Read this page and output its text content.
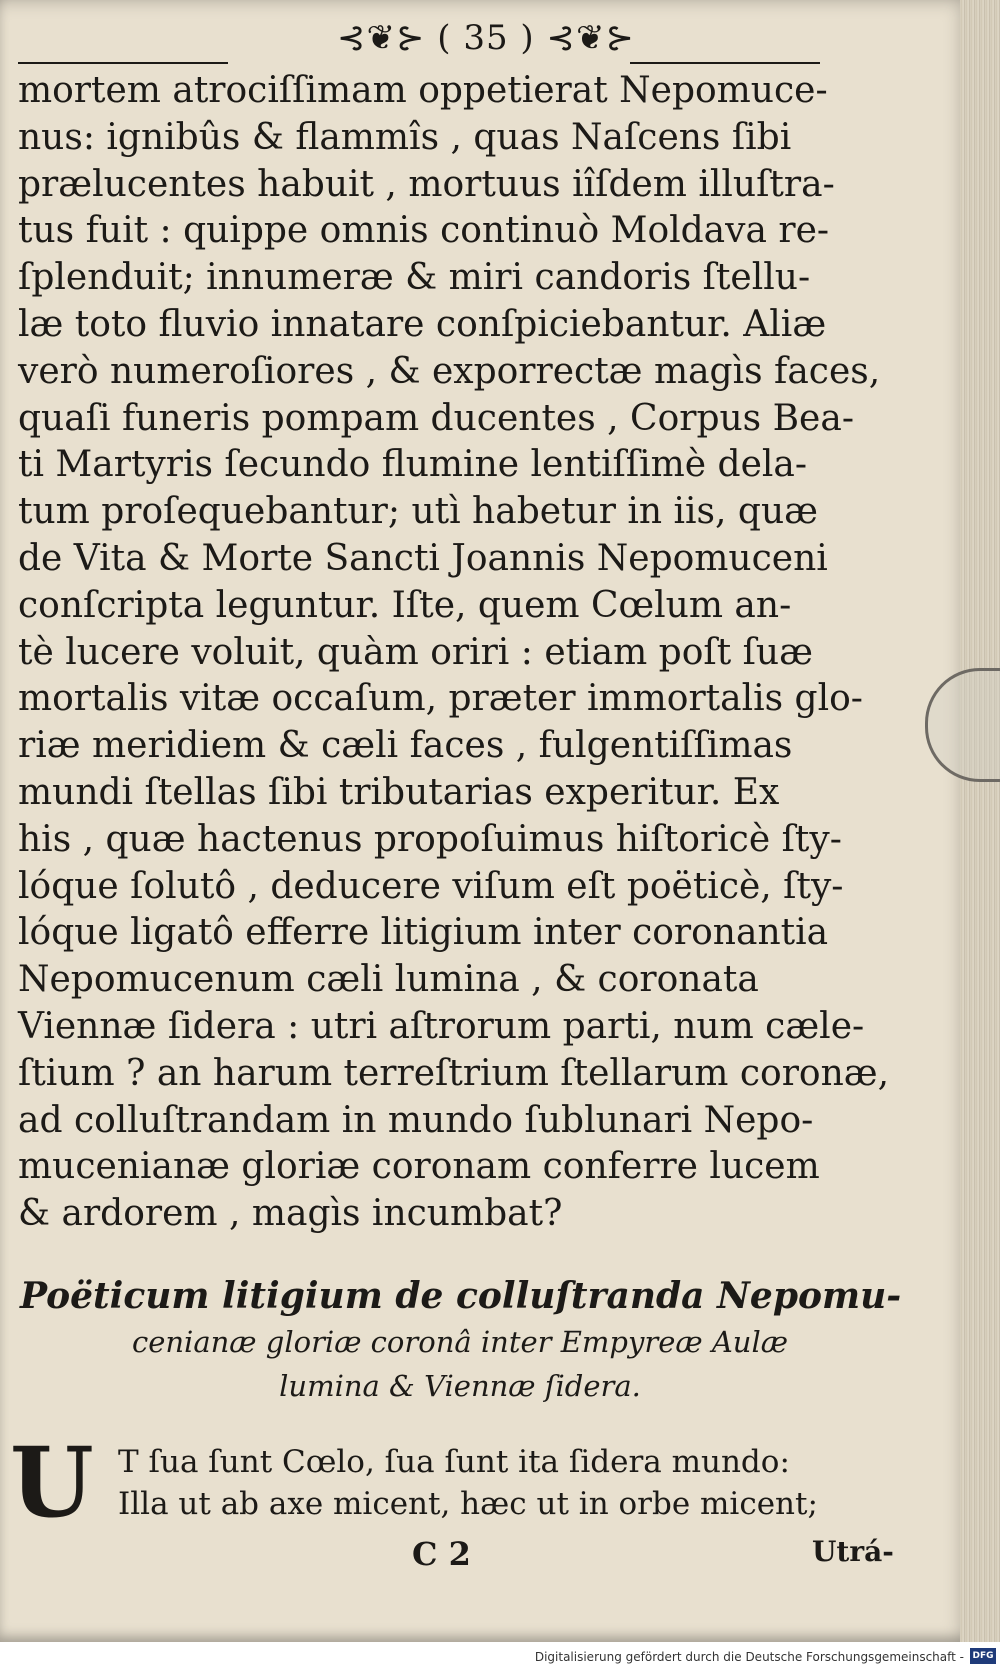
⊰❦⊱ ( 35 ) ⊰❦⊱
mortem atrociſſimam oppetierat Nepomuce-
nus: ignibûs & flammîs , quas Naſcens ſibi
prælucentes habuit , mortuus iîſdem illuſtra-
tus fuit : quippe omnis continuò Moldava re-
ſplenduit; innumeræ & miri candoris ſtellu-
læ toto fluvio innatare conſpiciebantur. Aliæ
verò numeroſiores , & exporrectæ magìs faces,
quaſi funeris pompam ducentes , Corpus Bea-
ti Martyris ſecundo flumine lentiſſimè dela-
tum proſequebantur; utì habetur in iis, quæ
de Vita & Morte Sancti Joannis Nepomuceni
conſcripta leguntur. Iſte, quem Cœlum an-
tè lucere voluit, quàm oriri : etiam poſt ſuæ
mortalis vitæ occaſum, præter immortalis glo-
riæ meridiem & cæli faces , fulgentiſſimas
mundi ſtellas ſibi tributarias experitur. Ex
his , quæ hactenus propoſuimus hiſtoricè ſty-
lóque ſolutô , deducere viſum eſt poëticè, ſty-
lóque ligatô efferre litigium inter coronantia
Nepomucenum cæli lumina , & coronata
Viennæ ſidera : utri aſtrorum parti, num cæle-
ſtium ? an harum terreſtrium ſtellarum coronæ,
ad colluſtrandam in mundo ſublunari Nepo-
mucenianæ gloriæ coronam conferre lucem
& ardorem , magìs incumbat?
Poëticum litigium de colluſtranda Nepomu-
cenianæ gloriæ coronâ inter Empyreæ Aulæ
lumina & Viennæ ſidera.
U T ſua ſunt Cœlo, ſua ſunt ita ſidera mundo:
Illa ut ab axe micent, hæc ut in orbe micent;
C 2	Utrá-
Digitalisierung gefördert durch die Deutsche Forschungsgemeinschaft - DFG
